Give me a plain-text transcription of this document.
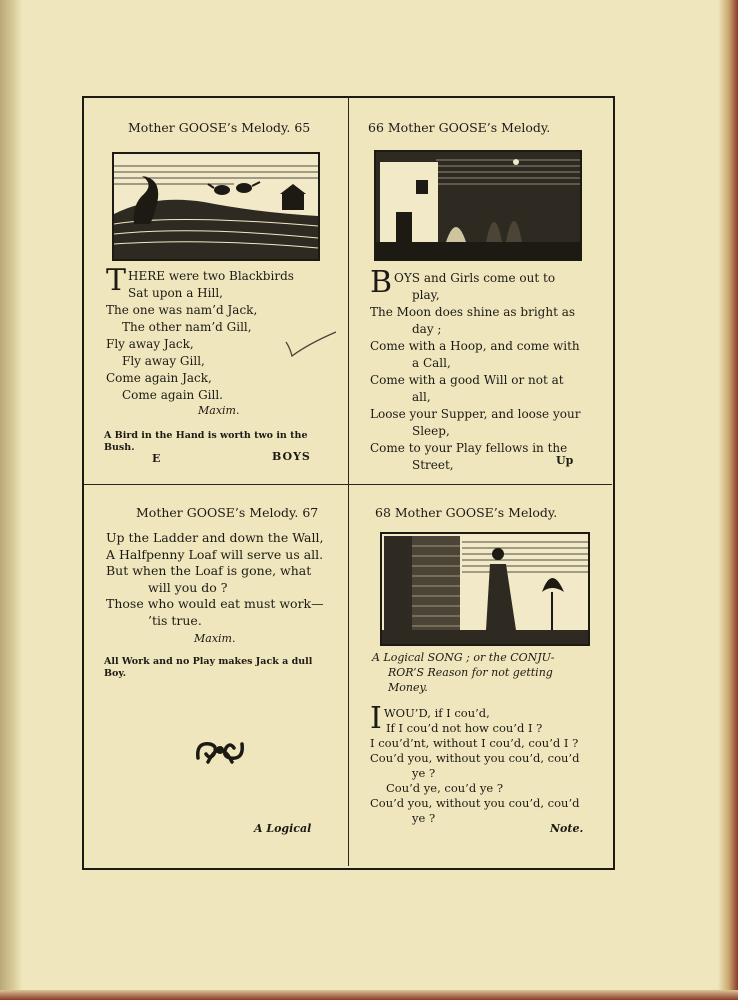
Mother GOOSE’s Melody. 65
T HERE were two Blackbirds
Sat upon a Hill,
The one was nam’d Jack,
The other nam’d Gill,
Fly away Jack,
Fly away Gill,
Come again Jack,
Come again Gill.
Maxim.
A Bird in the Hand is worth two in the Bush.
E	BOYS
66 Mother GOOSE’s Melody.
B OYS and Girls come out to
play,
The Moon does shine as bright as
day ;
Come with a Hoop, and come with
a Call,
Come with a good Will or not at
all,
Loose your Supper, and loose your
Sleep,
Come to your Play fellows in the
Street,	Up
Mother GOOSE’s Melody. 67
Up the Ladder and down the Wall,
A Halfpenny Loaf will serve us all.
But when the Loaf is gone, what
will you do ?
Those who would eat must work—
’tis true.
Maxim.
All Work and no Play makes Jack a dull Boy.
A Logical
68 Mother GOOSE’s Melody.
A Logical SONG ; or the CONJU-
ROR’S Reason for not getting
Money.
I WOU’D, if I cou’d,
If I cou’d not how cou’d I ?
I cou’d’nt, without I cou’d, cou’d I ?
Cou’d you, without you cou’d, cou’d
ye ?
Cou’d ye, cou’d ye ?
Cou’d you, without you cou’d, cou’d
ye ?
Note.
